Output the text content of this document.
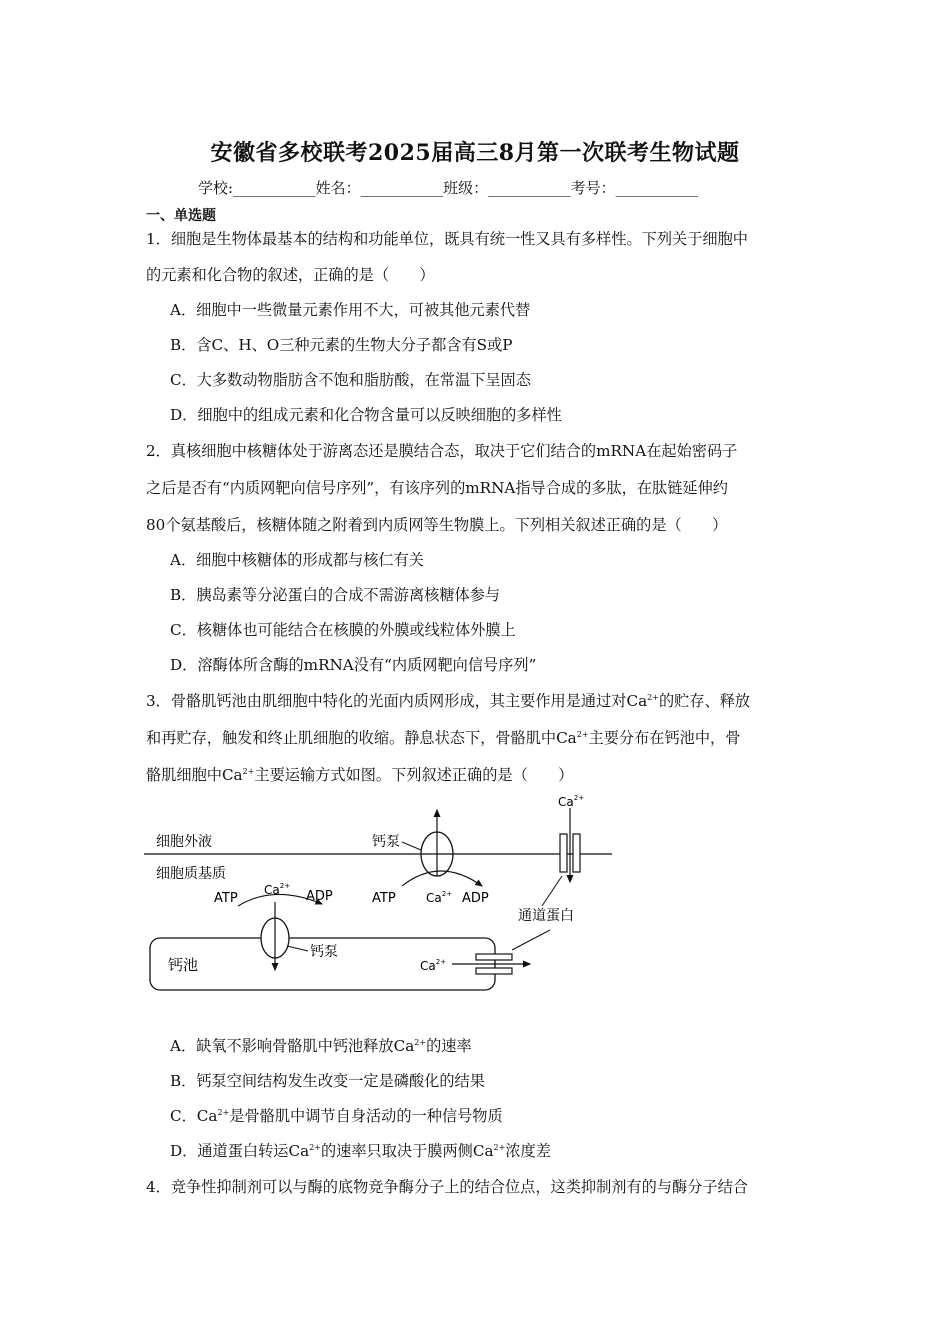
安徽省多校联考2025届高三8月第一次联考生物试题
学校:___________姓名：___________班级：___________考号：___________
一、单选题
1．细胞是生物体最基本的结构和功能单位，既具有统一性又具有多样性。下列关于细胞中
的元素和化合物的叙述，正确的是（　　）
A．细胞中一些微量元素作用不大，可被其他元素代替
B．含C、H、O三种元素的生物大分子都含有S或P
C．大多数动物脂肪含不饱和脂肪酸，在常温下呈固态
D．细胞中的组成元素和化合物含量可以反映细胞的多样性
2．真核细胞中核糖体处于游离态还是膜结合态，取决于它们结合的mRNA在起始密码子
之后是否有“内质网靶向信号序列”，有该序列的mRNA指导合成的多肽，在肽链延伸约
80个氨基酸后，核糖体随之附着到内质网等生物膜上。下列相关叙述正确的是（　　）
A．细胞中核糖体的形成都与核仁有关
B．胰岛素等分泌蛋白的合成不需游离核糖体参与
C．核糖体也可能结合在核膜的外膜或线粒体外膜上
D．溶酶体所含酶的mRNA没有“内质网靶向信号序列”
3．骨骼肌钙池由肌细胞中特化的光面内质网形成，其主要作用是通过对$Ca^{2+}$的贮存、释放
和再贮存，触发和终止肌细胞的收缩。静息状态下，骨骼肌中$Ca^{2+}$主要分布在钙池中，骨
骼肌细胞中$Ca^{2+}$主要运输方式如图。下列叙述正确的是（　　）
细胞外液
细胞质基质
钙泵
ATP	$Ca^{2+}$ ADP
$Ca^{2+}$
通道蛋白
钙池
ATP
$Ca^{2+}$
ADP
钙泵
$Ca^{2+}$
A．缺氧不影响骨骼肌中钙池释放$Ca^{2+}$的速率
B．钙泵空间结构发生改变一定是磷酸化的结果
C．$Ca^{2+}$是骨骼肌中调节自身活动的一种信号物质
D．通道蛋白转运$Ca^{2+}$的速率只取决于膜两侧$Ca^{2+}$浓度差
4．竞争性抑制剂可以与酶的底物竞争酶分子上的结合位点，这类抑制剂有的与酶分子结合
